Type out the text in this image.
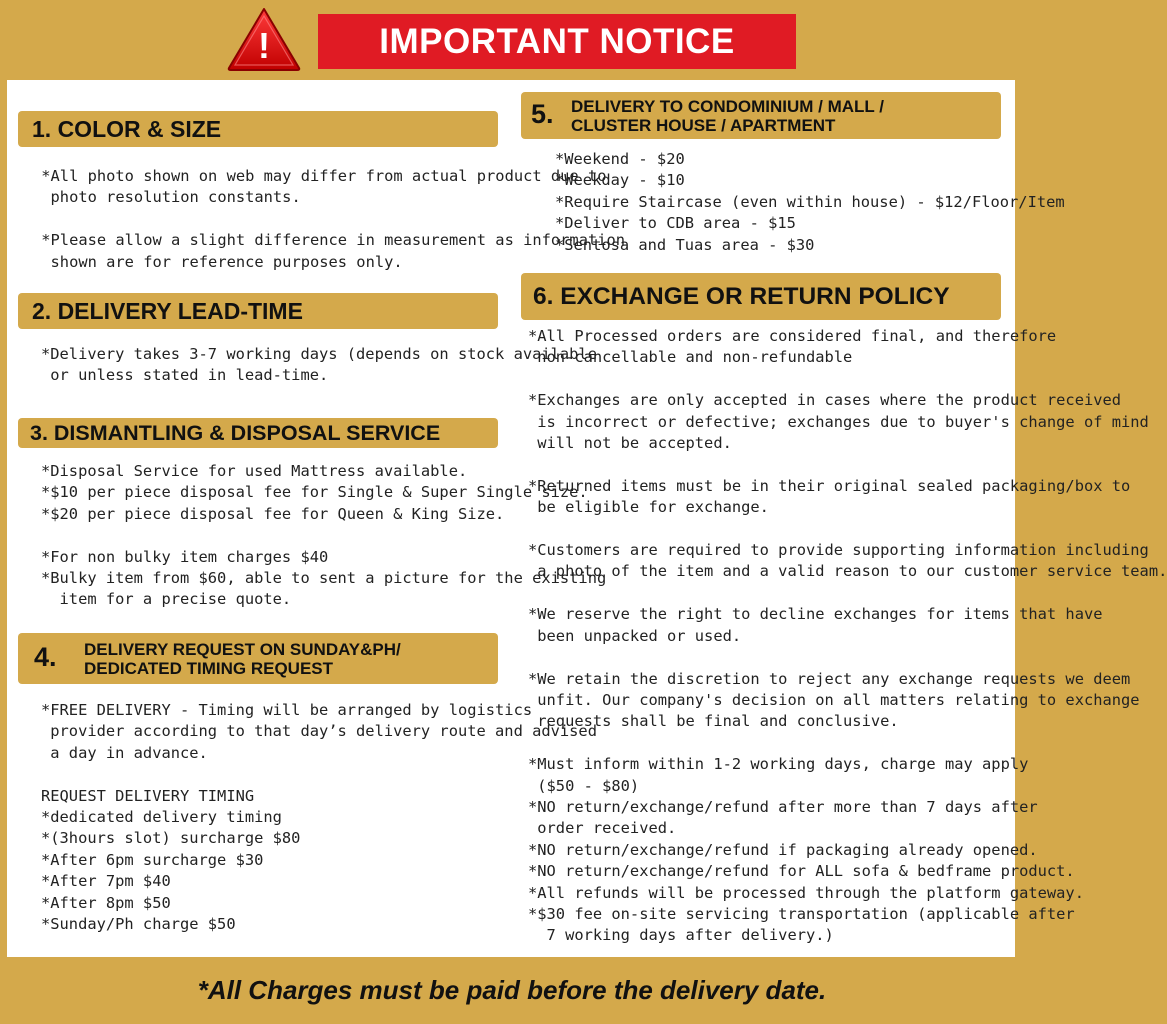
!	IMPORTANT NOTICE
1. COLOR & SIZE
*All photo shown on web may differ from actual product due to
photo resolution constants.

*Please allow a slight difference in measurement as information
shown are for reference purposes only.
2. DELIVERY LEAD-TIME
*Delivery takes 3-7 working days (depends on stock available
or unless stated in lead-time.
3. DISMANTLING & DISPOSAL SERVICE
*Disposal Service for used Mattress available.
*$10 per piece disposal fee for Single & Super Single size.
*$20 per piece disposal fee for Queen & King Size.

*For non bulky item charges $40
*Bulky item from $60, able to sent a picture for the existing
item for a precise quote.
4. DELIVERY REQUEST ON SUNDAY&PH/
DEDICATED TIMING REQUEST
*FREE DELIVERY - Timing will be arranged by logistics
provider according to that day’s delivery route and advised
a day in advance.

REQUEST DELIVERY TIMING
*dedicated delivery timing
*(3hours slot) surcharge $80
*After 6pm surcharge $30
*After 7pm $40
*After 8pm $50
*Sunday/Ph charge $50
5. DELIVERY TO CONDOMINIUM / MALL /
CLUSTER HOUSE / APARTMENT
*Weekend - $20
*Weekday - $10
*Require Staircase (even within house) - $12/Floor/Item
*Deliver to CDB area - $15
*Sentosa and Tuas area - $30
6. EXCHANGE OR RETURN POLICY
*All Processed orders are considered final, and therefore
non-cancellable and non-refundable

*Exchanges are only accepted in cases where the product received
is incorrect or defective; exchanges due to buyer's change of mind
will not be accepted.

*Returned items must be in their original sealed packaging/box to
be eligible for exchange.

*Customers are required to provide supporting information including
a photo of the item and a valid reason to our customer service team.

*We reserve the right to decline exchanges for items that have
been unpacked or used.

*We retain the discretion to reject any exchange requests we deem
unfit. Our company's decision on all matters relating to exchange
requests shall be final and conclusive.

*Must inform within 1-2 working days, charge may apply
($50 - $80)
*NO return/exchange/refund after more than 7 days after
order received.
*NO return/exchange/refund if packaging already opened.
*NO return/exchange/refund for ALL sofa & bedframe product.
*All refunds will be processed through the platform gateway.
*$30 fee on-site servicing transportation (applicable after
7 working days after delivery.)
*All Charges must be paid before the delivery date.
